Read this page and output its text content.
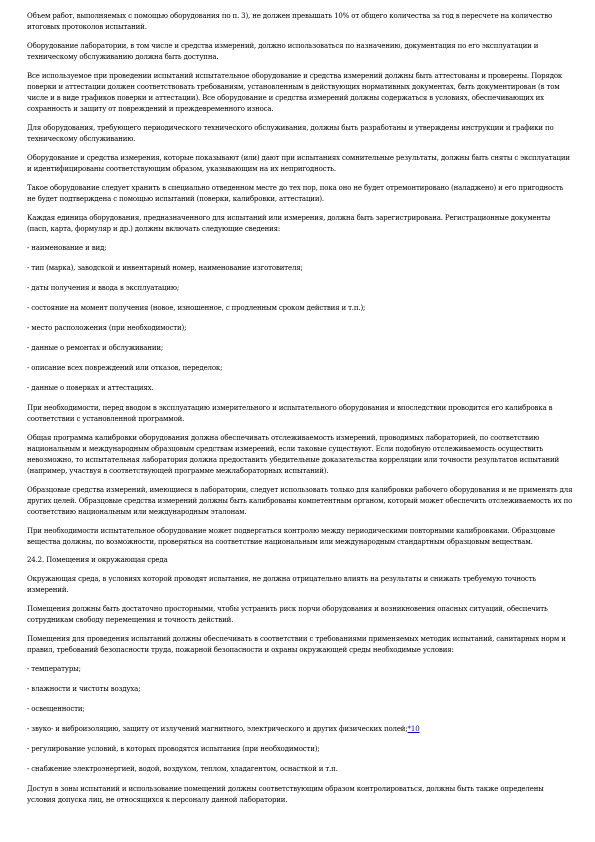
Объем работ, выполняемых с помощью оборудования по п. 3), не должен превышать 10% от общего количества за год в пересчете на количество итоговых протоколов испытаний.

Оборудование лаборатории, в том числе и средства измерений, должно использоваться по назначению, документация по его эксплуатации и техническому обслуживанию должна быть доступна.

Все используемое при проведении испытаний испытательное оборудование и средства измерений должны быть аттестованы и проверены. Порядок поверки и аттестации должен соответствовать требованиям, установленным в действующих нормативных документах, быть документирован (в том числе и в виде графиков поверки и аттестации). Все оборудование и средства измерений должны содержаться в условиях, обеспечивающих их сохранность и защиту от повреждений и преждевременного износа.

Для оборудования, требующего периодического технического обслуживания, должны быть разработаны и утверждены инструкции и графики по техническому обслуживанию.

Оборудование и средства измерения, которые показывают (или) дают при испытаниях сомнительные результаты, должны быть сняты с эксплуатации и идентифицированы соответствующим образом, указывающим на их непригодность.

Такое оборудование следует хранить в специально отведенном месте до тех пор, пока оно не будет отремонтировано (наладжено) и его пригодность не будет подтверждена с помощью испытаний (поверки, калибровки, аттестации).

Каждая единица оборудования, предназначенного для испытаний или измерения, должна быть зарегистрирована. Регистрационные документы (пасп, карта, формуляр и др.) должны включать следующие сведения:

- наименование и вид;

- тип (марка), заводской и инвентарный номер, наименование изготовителя;

- даты получения и ввода в эксплуатацию;

- состояние на момент получения (новое, изношенное, с продленным сроком действия и т.п.);

- место расположения (при необходимости);

- данные о ремонтах и обслуживании;

- описание всех повреждений или отказов, переделок;

- данные о поверках и аттестациях.

При необходимости, перед вводом в эксплуатацию измерительного и испытательного оборудования и впоследствии проводится его калибровка в соответствии с установленной программой.

Общая программа калибровки оборудования должна обеспечивать отслеживаемость измерений, проводимых лабораторией, по соответствию национальным и международным образцовым средствам измерений, если таковые существуют. Если подобную отслеживаемость осуществить невозможно, то испытательная лаборатория должна предоставить убедительные доказательства корреляции или точности результатов испытаний (например, участвуя в соответствующей программе межлабораторных испытаний).

Образцовые средства измерений, имеющиеся в лаборатории, следует использовать только для калибровки рабочего оборудования и не применять для других целей. Образцовые средства измерений должны быть калиброваны компетентным органом, который может обеспечить отслеживаемость их по соответствию национальным или международным эталонам.

При необходимости испытательное оборудование может подвергаться контролю между периодическими повторными калибровками. Образцовые вещества должны, по возможности, проверяться на соответствие национальным или международным стандартным образцовым веществам.

24.2. Помещения и окружающая среда

Окружающая среда, в условиях которой проводят испытания, не должна отрицательно влиять на результаты и снижать требуемую точность измерений.

Помещения должны быть достаточно просторными, чтобы устранить риск порчи оборудования и возникновения опасных ситуаций, обеспечить сотрудникам свободу перемещения и точность действий.

Помещения для проведения испытаний должны обеспечивать в соответствии с требованиями применяемых методик испытаний, санитарных норм и правил, требований безопасности труда, пожарной безопасности и охраны окружающей среды необходимые условия:

- температуры;

- влажности и чистоты воздуха;

- освещенности;

- звуко- и виброизоляцию, защиту от излучений магнитного, электрического и других физических полей;*10

- регулирование условий, в которых проводятся испытания (при необходимости);

- снабжение электроэнергией, водой, воздухом, теплом, хладагентом, оснасткой и т.п.

Доступ в зоны испытаний и использование помещений должны соответствующим образом контролироваться, должны быть также определены условия допуска лиц, не относящихся к персоналу данной лаборатории.
